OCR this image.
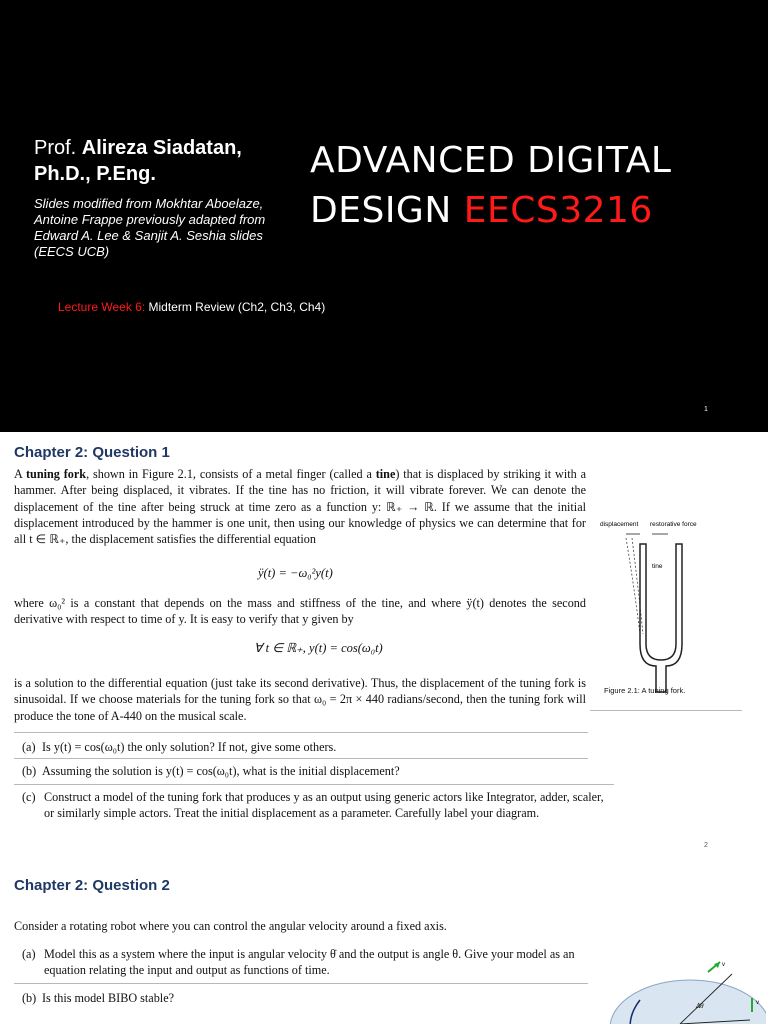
Prof. Alireza Siadatan,
Ph.D., P.Eng.
Slides modified from Mokhtar Aboelaze, Antoine Frappe previously adapted from Edward A. Lee & Sanjit A. Seshia slides (EECS UCB)
ADVANCED DIGITAL
DESIGN EECS3216
Lecture Week 6: Midterm Review (Ch2, Ch3, Ch4)
1
Chapter 2: Question 1
A tuning fork, shown in Figure 2.1, consists of a metal finger (called a tine) that is displaced by striking it with a hammer. After being displaced, it vibrates. If the tine has no friction, it will vibrate forever. We can denote the displacement of the tine after being struck at time zero as a function y: ℝ₊ → ℝ. If we assume that the initial displacement introduced by the hammer is one unit, then using our knowledge of physics we can determine that for all t ∈ ℝ₊, the displacement satisfies the differential equation
ÿ(t) = −ω₀²y(t)
where ω₀² is a constant that depends on the mass and stiffness of the tine, and where ÿ(t) denotes the second derivative with respect to time of y. It is easy to verify that y given by
∀ t ∈ ℝ₊, y(t) = cos(ω₀t)
is a solution to the differential equation (just take its second derivative). Thus, the displacement of the tuning fork is sinusoidal. If we choose materials for the tuning fork so that ω₀ = 2π × 440 radians/second, then the tuning fork will produce the tone of A-440 on the musical scale.
(a) Is y(t) = cos(ω₀t) the only solution? If not, give some others.
(b) Assuming the solution is y(t) = cos(ω₀t), what is the initial displacement?
(c) Construct a model of the tuning fork that produces y as an output using generic actors like Integrator, adder, scaler, or similarly simple actors. Treat the initial displacement as a parameter. Carefully label your diagram.
displacement restorative force
tine
Figure 2.1: A tuning fork.
2
Chapter 2: Question 2
Consider a rotating robot where you can control the angular velocity around a fixed axis.
(a) Model this as a system where the input is angular velocity θ̇ and the output is angle θ. Give your model as an equation relating the input and output as functions of time.
(b) Is this model BIBO stable?
v
v
Δθ
